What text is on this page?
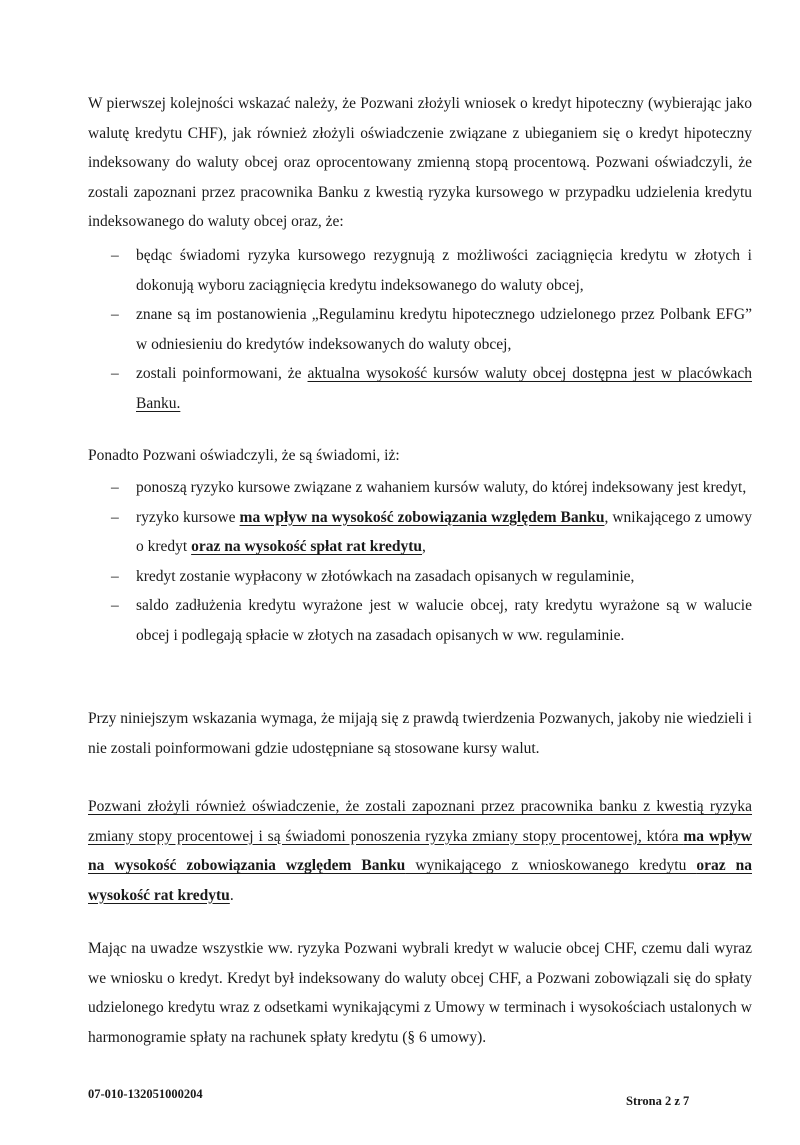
W pierwszej kolejności wskazać należy, że Pozwani złożyli wniosek o kredyt hipoteczny (wybierając jako walutę kredytu CHF), jak również złożyli oświadczenie związane z ubieganiem się o kredyt hipoteczny indeksowany do waluty obcej oraz oprocentowany zmienną stopą procentową. Pozwani oświadczyli, że zostali zapoznani przez pracownika Banku z kwestią ryzyka kursowego w przypadku udzielenia kredytu indeksowanego do waluty obcej oraz, że:

– będąc świadomi ryzyka kursowego rezygnują z możliwości zaciągnięcia kredytu w złotych i dokonują wyboru zaciągnięcia kredytu indeksowanego do waluty obcej,
– znane są im postanowienia „Regulaminu kredytu hipotecznego udzielonego przez Polbank EFG” w odniesieniu do kredytów indeksowanych do waluty obcej,
– zostali poinformowani, że aktualna wysokość kursów waluty obcej dostępna jest w placówkach Banku.

Ponadto Pozwani oświadczyli, że są świadomi, iż:

– ponoszą ryzyko kursowe związane z wahaniem kursów waluty, do której indeksowany jest kredyt,
– ryzyko kursowe ma wpływ na wysokość zobowiązania względem Banku, wnikającego z umowy o kredyt oraz na wysokość spłat rat kredytu,
– kredyt zostanie wypłacony w złotówkach na zasadach opisanych w regulaminie,
– saldo zadłużenia kredytu wyrażone jest w walucie obcej, raty kredytu wyrażone są w walucie obcej i podlegają spłacie w złotych na zasadach opisanych w ww. regulaminie.

Przy niniejszym wskazania wymaga, że mijają się z prawdą twierdzenia Pozwanych, jakoby nie wiedzieli i nie zostali poinformowani gdzie udostępniane są stosowane kursy walut.

Pozwani złożyli również oświadczenie, że zostali zapoznani przez pracownika banku z kwestią ryzyka zmiany stopy procentowej i są świadomi ponoszenia ryzyka zmiany stopy procentowej, która ma wpływ na wysokość zobowiązania względem Banku wynikającego z wnioskowanego kredytu oraz na wysokość rat kredytu.

Mając na uwadze wszystkie ww. ryzyka Pozwani wybrali kredyt w walucie obcej CHF, czemu dali wyraz we wniosku o kredyt. Kredyt był indeksowany do waluty obcej CHF, a Pozwani zobowiązali się do spłaty udzielonego kredytu wraz z odsetkami wynikającymi z Umowy w terminach i wysokościach ustalonych w harmonogramie spłaty na rachunek spłaty kredytu (§ 6 umowy).

07-010-132051000204	Strona 2 z 7
